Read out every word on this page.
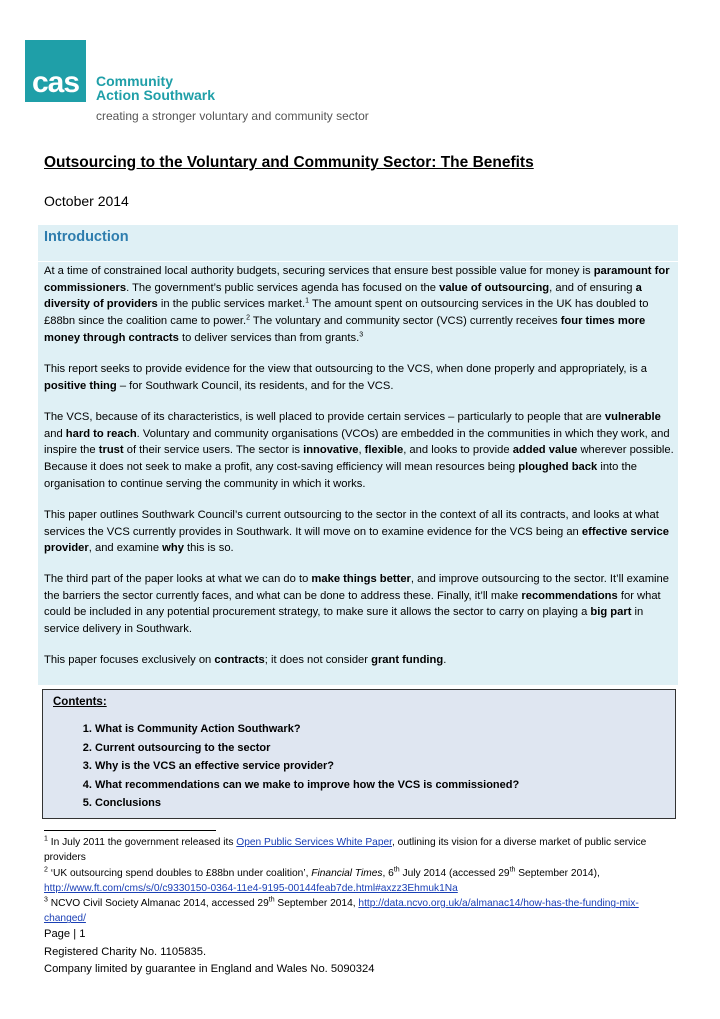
cas	Community
Action Southwark
creating a stronger voluntary and community sector
Outsourcing to the Voluntary and Community Sector: The Benefits
October 2014
Introduction

At a time of constrained local authority budgets, securing services that ensure best possible value for money is paramount for commissioners. The government’s public services agenda has focused on the value of outsourcing, and of ensuring a diversity of providers in the public services market.$^1$ The amount spent on outsourcing services in the UK has doubled to £88bn since the coalition came to power.$^2$ The voluntary and community sector (VCS) currently receives four times more money through contracts to deliver services than from grants.$^3$

This report seeks to provide evidence for the view that outsourcing to the VCS, when done properly and appropriately, is a positive thing – for Southwark Council, its residents, and for the VCS.

The VCS, because of its characteristics, is well placed to provide certain services – particularly to people that are vulnerable and hard to reach. Voluntary and community organisations (VCOs) are embedded in the communities in which they work, and inspire the trust of their service users. The sector is innovative, flexible, and looks to provide added value wherever possible. Because it does not seek to make a profit, any cost-saving efficiency will mean resources being ploughed back into the organisation to continue serving the community in which it works.

This paper outlines Southwark Council’s current outsourcing to the sector in the context of all its contracts, and looks at what services the VCS currently provides in Southwark. It will move on to examine evidence for the VCS being an effective service provider, and examine why this is so.

The third part of the paper looks at what we can do to make things better, and improve outsourcing to the sector. It’ll examine the barriers the sector currently faces, and what can be done to address these. Finally, it’ll make recommendations for what could be included in any potential procurement strategy, to make sure it allows the sector to carry on playing a big part in service delivery in Southwark.

This paper focuses exclusively on contracts; it does not consider grant funding.

Contents:
1. What is Community Action Southwark?
2. Current outsourcing to the sector
3. Why is the VCS an effective service provider?
4. What recommendations can we make to improve how the VCS is commissioned?
5. Conclusions
$^1$ In July 2011 the government released its Open Public Services White Paper, outlining its vision for a diverse market of public service providers
$^2$ ‘UK outsourcing spend doubles to £88bn under coalition’, Financial Times, 6th July 2014 (accessed 29th September 2014),
http://www.ft.com/cms/s/0/c9330150-0364-11e4-9195-00144feab7de.html#axzz3Ehmuk1Na
$^3$ NCVO Civil Society Almanac 2014, accessed 29th September 2014, http://data.ncvo.org.uk/a/almanac14/how-has-the-funding-mix-changed/
Page | 1
Registered Charity No. 1105835.
Company limited by guarantee in England and Wales No. 5090324
